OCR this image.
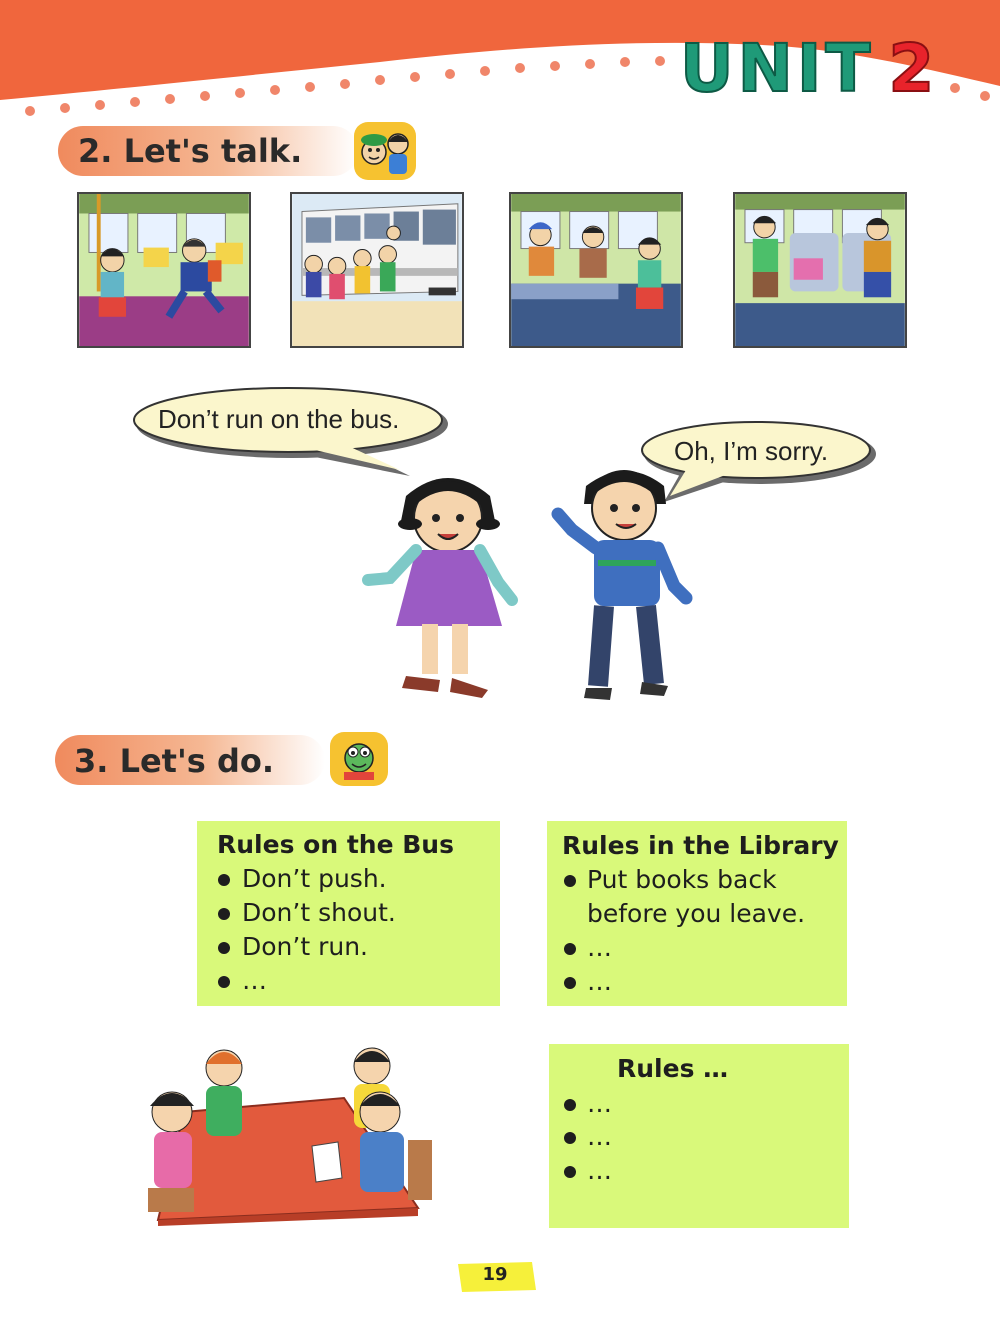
UNIT 2
2. Let's talk.
Don’t run on the bus.
Oh, I’m sorry.
3. Let's do.
Rules on the Bus
Don’t push.
Don’t shout.
Don’t run.
…
Rules in the Library
Put books back
before you leave.
…
…
Rules …
…
…
…
19
